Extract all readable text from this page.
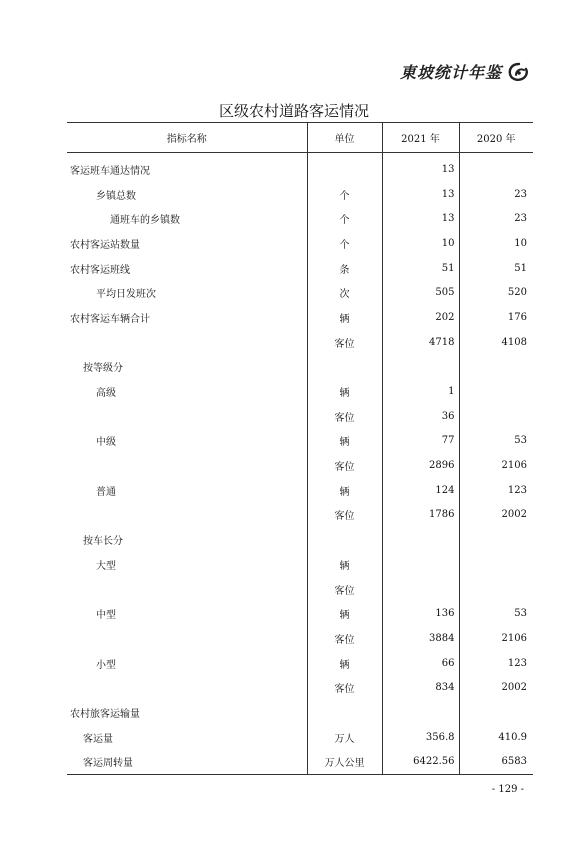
東坡统计年鉴
区级农村道路客运情况
指标名称	单位	2021 年	2020 年
客运班车通达情况		13	
乡镇总数	个	13	23
通班车的乡镇数	个	13	23
农村客运站数量	个	10	10
农村客运班线	条	51	51
平均日发班次	次	505	520
农村客运车辆合计	辆	202	176
	客位	4718	4108
按等级分			
高级	辆	1	
	客位	36	
中级	辆	77	53
	客位	2896	2106
普通	辆	124	123
	客位	1786	2002
按车长分			
大型	辆		
	客位		
中型	辆	136	53
	客位	3884	2106
小型	辆	66	123
	客位	834	2002
农村旅客运输量			
客运量	万人	356.8	410.9
客运周转量	万人公里	6422.56	6583
- 129 -
